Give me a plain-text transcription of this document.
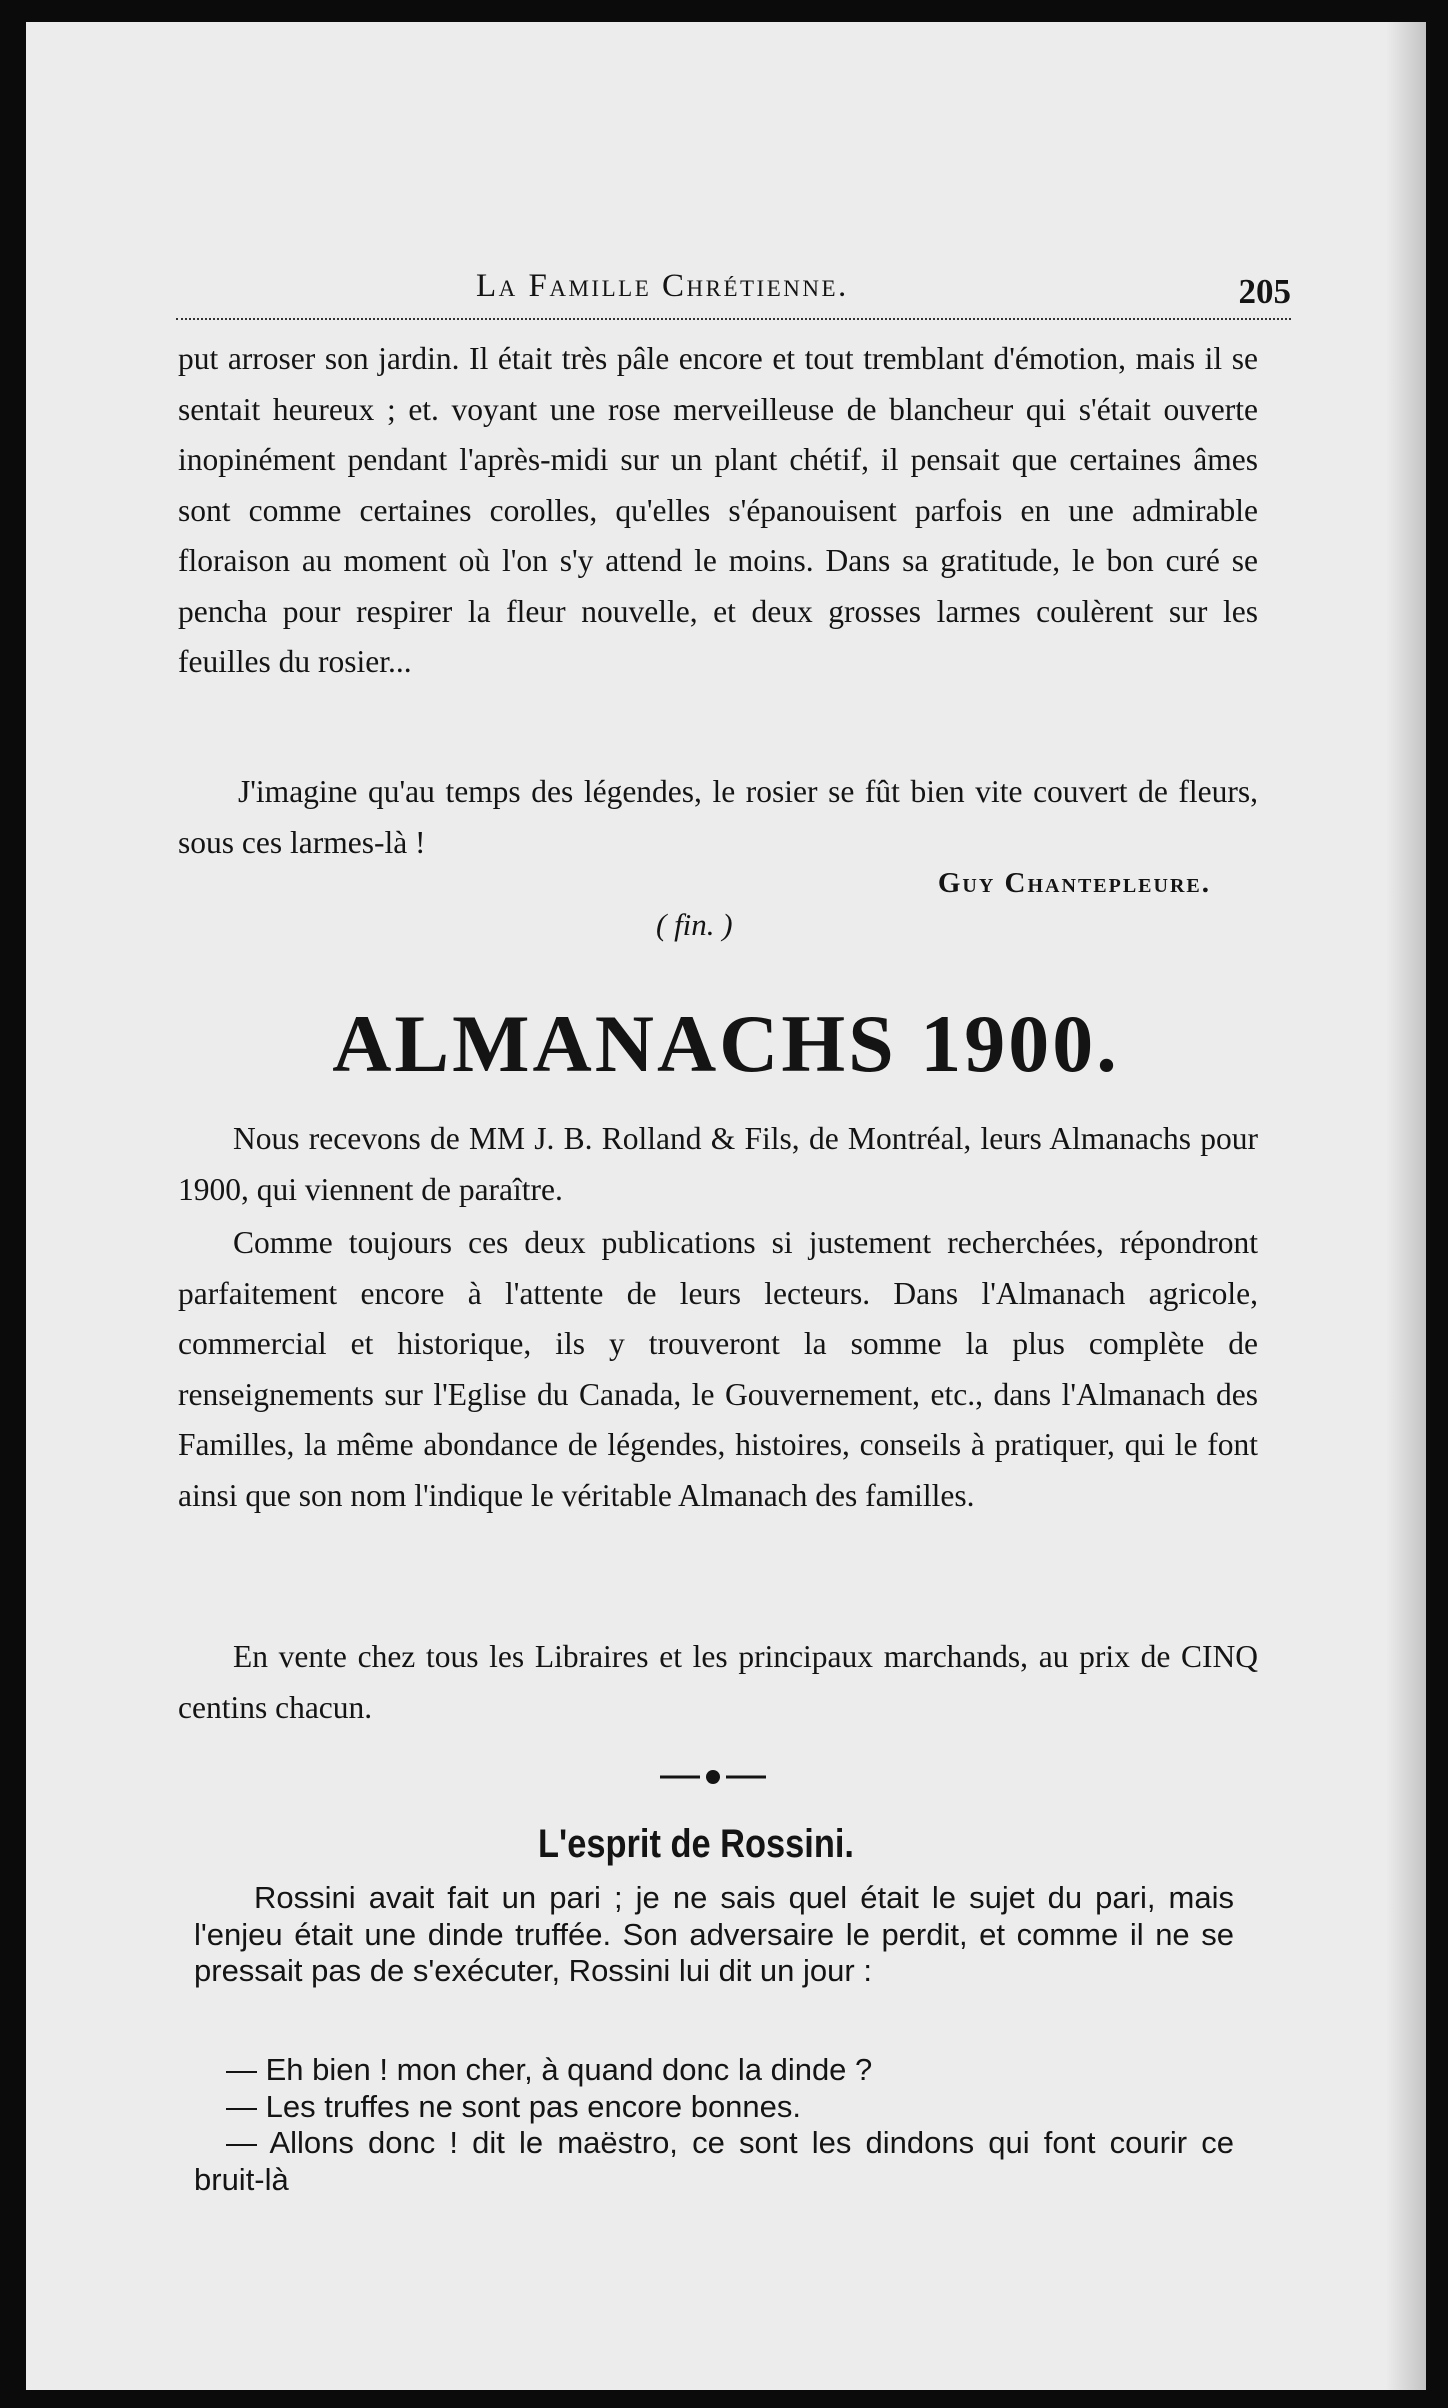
La Famille Chrétienne.	205

put arroser son jardin. Il était très pâle encore et tout tremblant d'émotion, mais il se sentait heureux ; et. voyant une rose merveilleuse de blancheur qui s'était ouverte inopinément pendant l'après-midi sur un plant chétif, il pensait que certaines âmes sont comme certaines corolles, qu'elles s'épanouisent parfois en une admirable floraison au moment où l'on s'y attend le moins. Dans sa gratitude, le bon curé se pencha pour respirer la fleur nouvelle, et deux grosses larmes coulèrent sur les feuilles du rosier...

J'imagine qu'au temps des légendes, le rosier se fût bien vite couvert de fleurs, sous ces larmes-là !

Guy Chantepleure.
( fin. )
ALMANACHS 1900.

Nous recevons de MM J. B. Rolland & Fils, de Montréal, leurs Almanachs pour 1900, qui viennent de paraître.

Comme toujours ces deux publications si justement recherchées, répondront parfaitement encore à l'attente de leurs lecteurs. Dans l'Almanach agricole, commercial et historique, ils y trouveront la somme la plus complète de renseignements sur l'Eglise du Canada, le Gouvernement, etc., dans l'Almanach des Familles, la même abondance de légendes, histoires, conseils à pratiquer, qui le font ainsi que son nom l'indique le véritable Almanach des familles.

En vente chez tous les Libraires et les principaux marchands, au prix de CINQ centins chacun.

L'esprit de Rossini.

Rossini avait fait un pari ; je ne sais quel était le sujet du pari, mais l'enjeu était une dinde truffée. Son adversaire le perdit, et comme il ne se pressait pas de s'exécuter, Rossini lui dit un jour :

— Eh bien ! mon cher, à quand donc la dinde ?
— Les truffes ne sont pas encore bonnes.
— Allons donc ! dit le maëstro, ce sont les dindons qui font courir ce bruit-là
